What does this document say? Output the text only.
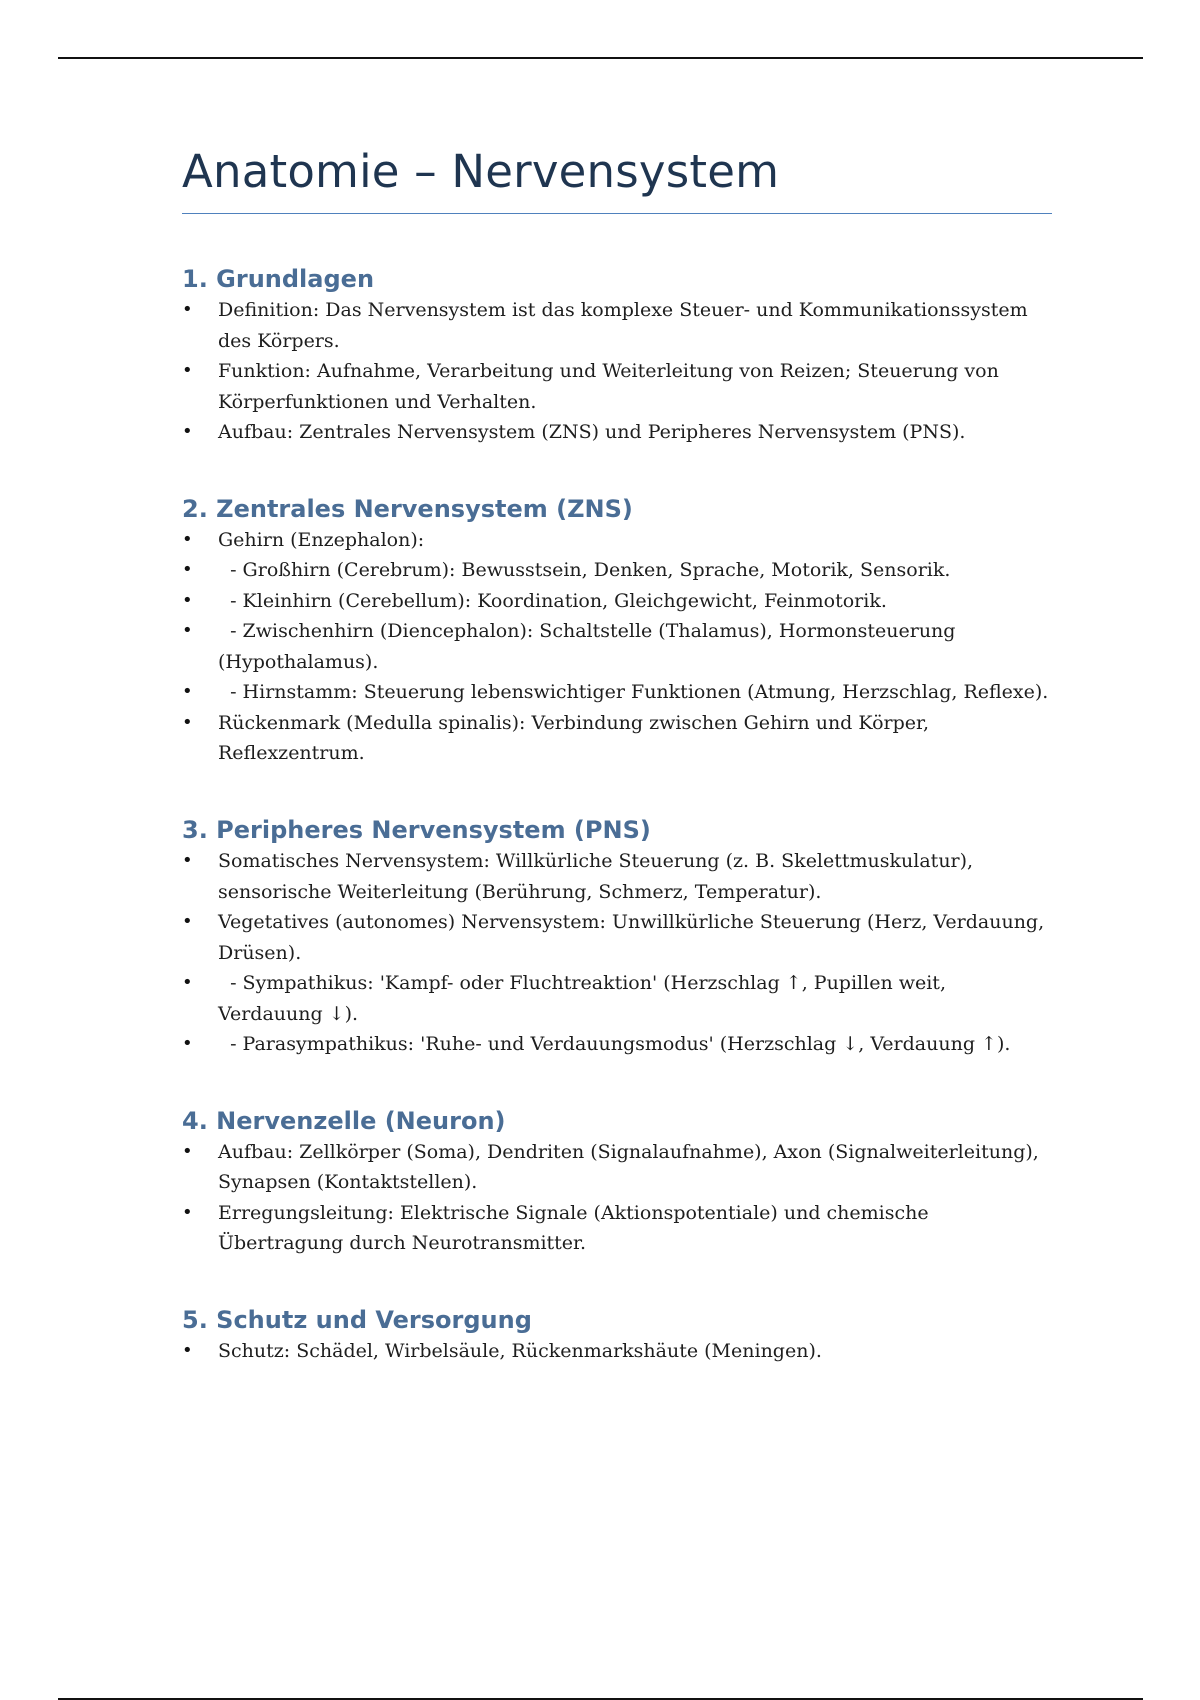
Anatomie – Nervensystem
1. Grundlagen
• Definition: Das Nervensystem ist das komplexe Steuer- und Kommunikationssystem des Körpers.
• Funktion: Aufnahme, Verarbeitung und Weiterleitung von Reizen; Steuerung von Körperfunktionen und Verhalten.
• Aufbau: Zentrales Nervensystem (ZNS) und Peripheres Nervensystem (PNS).
2. Zentrales Nervensystem (ZNS)
• Gehirn (Enzephalon):
• - Großhirn (Cerebrum): Bewusstsein, Denken, Sprache, Motorik, Sensorik.
• - Kleinhirn (Cerebellum): Koordination, Gleichgewicht, Feinmotorik.
• - Zwischenhirn (Diencephalon): Schaltstelle (Thalamus), Hormonsteuerung (Hypothalamus).
• - Hirnstamm: Steuerung lebenswichtiger Funktionen (Atmung, Herzschlag, Reflexe).
• Rückenmark (Medulla spinalis): Verbindung zwischen Gehirn und Körper, Reflexzentrum.
3. Peripheres Nervensystem (PNS)
• Somatisches Nervensystem: Willkürliche Steuerung (z. B. Skelettmuskulatur), sensorische Weiterleitung (Berührung, Schmerz, Temperatur).
• Vegetatives (autonomes) Nervensystem: Unwillkürliche Steuerung (Herz, Verdauung, Drüsen).
• - Sympathikus: 'Kampf- oder Fluchtreaktion' (Herzschlag ↑, Pupillen weit, Verdauung ↓).
• - Parasympathikus: 'Ruhe- und Verdauungsmodus' (Herzschlag ↓, Verdauung ↑).
4. Nervenzelle (Neuron)
• Aufbau: Zellkörper (Soma), Dendriten (Signalaufnahme), Axon (Signalweiterleitung), Synapsen (Kontaktstellen).
• Erregungsleitung: Elektrische Signale (Aktionspotentiale) und chemische Übertragung durch Neurotransmitter.
5. Schutz und Versorgung
• Schutz: Schädel, Wirbelsäule, Rückenmarkshäute (Meningen).
